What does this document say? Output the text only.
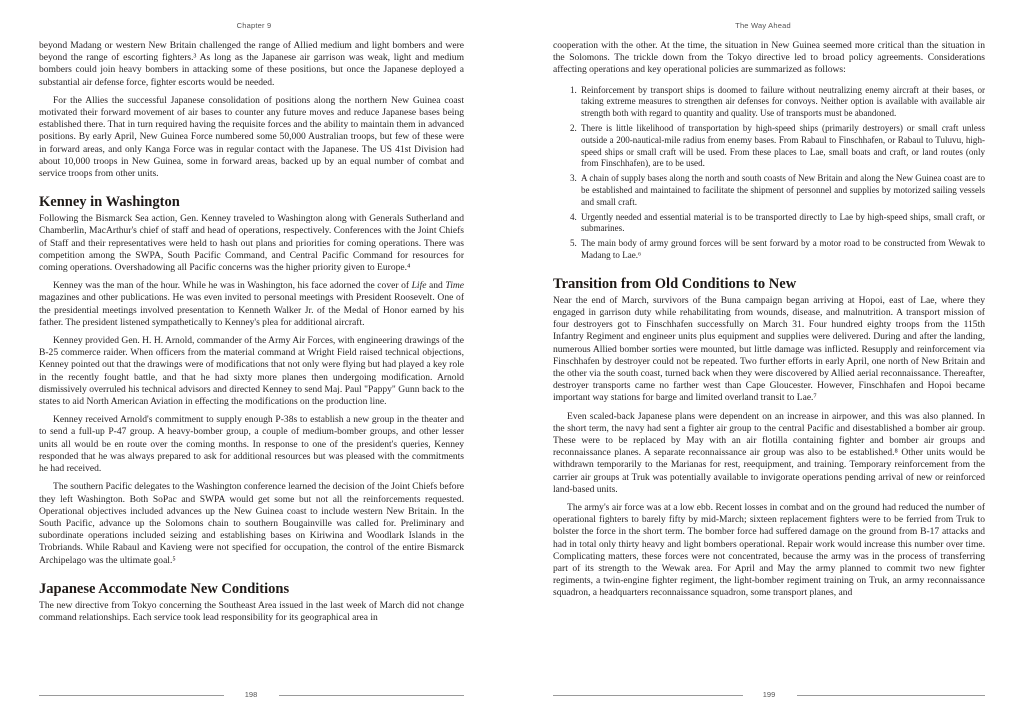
Chapter 9

beyond Madang or western New Britain challenged the range of Allied medium and light bombers and were beyond the range of escorting fighters.³ As long as the Japanese air garrison was weak, light and medium bombers could join heavy bombers in attacking some of these positions, but once the Japanese deployed a substantial air defense force, fighter escorts would be needed.

For the Allies the successful Japanese consolidation of positions along the northern New Guinea coast motivated their forward movement of air bases to counter any future moves and reduce Japanese bases being established there. That in turn required having the requisite forces and the ability to maintain them in advanced positions. By early April, New Guinea Force numbered some 50,000 Australian troops, but few of these were in forward areas, and only Kanga Force was in regular contact with the Japanese. The US 41st Division had about 10,000 troops in New Guinea, some in forward areas, backed up by an equal number of combat and service troops from other units.

Kenney in Washington

Following the Bismarck Sea action, Gen. Kenney traveled to Washington along with Generals Sutherland and Chamberlin, MacArthur's chief of staff and head of operations, respectively. Conferences with the Joint Chiefs of Staff and their representatives were held to hash out plans and priorities for coming operations. There was competition among the SWPA, South Pacific Command, and Central Pacific Command for resources for coming operations. Overshadowing all Pacific concerns was the higher priority given to Europe.⁴

Kenney was the man of the hour. While he was in Washington, his face adorned the cover of Life and Time magazines and other publications. He was even invited to personal meetings with President Roosevelt. One of the presidential meetings involved presentation to Kenneth Walker Jr. of the Medal of Honor earned by his father. The president listened sympathetically to Kenney's plea for additional aircraft.

Kenney provided Gen. H. H. Arnold, commander of the Army Air Forces, with engineering drawings of the B-25 commerce raider. When officers from the material command at Wright Field raised technical objections, Kenney pointed out that the drawings were of modifications that not only were flying but had played a key role in the recently fought battle, and that he had sixty more planes then undergoing modification. Arnold dismissively overruled his technical advisors and directed Kenney to send Maj. Paul "Pappy" Gunn back to the states to aid North American Aviation in effecting the modifications on the production line.

Kenney received Arnold's commitment to supply enough P-38s to establish a new group in the theater and to send a full-up P-47 group. A heavy-bomber group, a couple of medium-bomber groups, and other lesser units all would be en route over the coming months. In response to one of the president's queries, Kenney responded that he was always prepared to ask for additional resources but was pleased with the commitments he had received.

The southern Pacific delegates to the Washington conference learned the decision of the Joint Chiefs before they left Washington. Both SoPac and SWPA would get some but not all the reinforcements requested. Operational objectives included advances up the New Guinea coast to include western New Britain. In the South Pacific, advance up the Solomons chain to southern Bougainville was called for. Preliminary and subordinate operations included seizing and establishing bases on Kiriwina and Woodlark Islands in the Trobriands. While Rabaul and Kavieng were not specified for occupation, the control of the entire Bismarck Archipelago was the ultimate goal.⁵

Japanese Accommodate New Conditions

The new directive from Tokyo concerning the Southeast Area issued in the last week of March did not change command relationships. Each service took lead responsibility for its geographical area in

198
The Way Ahead

cooperation with the other. At the time, the situation in New Guinea seemed more critical than the situation in the Solomons. The trickle down from the Tokyo directive led to broad policy agreements. Considerations affecting operations and key operational policies are summarized as follows:

1. Reinforcement by transport ships is doomed to failure without neutralizing enemy aircraft at their bases, or taking extreme measures to strengthen air defenses for convoys. Neither option is available with available air strength both with regard to quantity and quality. Use of transports must be abandoned.
2. There is little likelihood of transportation by high-speed ships (primarily destroyers) or small craft unless outside a 200-nautical-mile radius from enemy bases. From Rabaul to Finschhafen, or Rabaul to Tuluvu, high-speed ships or small craft will be used. From these places to Lae, small boats and craft, or land routes (only from Finschhafen), are to be used.
3. A chain of supply bases along the north and south coasts of New Britain and along the New Guinea coast are to be established and maintained to facilitate the shipment of personnel and supplies by motorized sailing vessels and small craft.
4. Urgently needed and essential material is to be transported directly to Lae by high-speed ships, small craft, or submarines.
5. The main body of army ground forces will be sent forward by a motor road to be constructed from Wewak to Madang to Lae.⁶
Transition from Old Conditions to New

Near the end of March, survivors of the Buna campaign began arriving at Hopoi, east of Lae, where they engaged in garrison duty while rehabilitating from wounds, disease, and malnutrition. A transport mission of four destroyers got to Finschhafen successfully on March 31. Four hundred eighty troops from the 115th Infantry Regiment and engineer units plus equipment and supplies were delivered. During and after the landing, numerous Allied bomber sorties were mounted, but little damage was inflicted. Resupply and reinforcement via Finschhafen by destroyer could not be repeated. Two further efforts in early April, one north of New Britain and the other via the south coast, turned back when they were discovered by Allied aerial reconnaissance. Thereafter, destroyer transports came no farther west than Cape Gloucester. However, Finschhafen and Hopoi became important way stations for barge and limited overland transit to Lae.⁷

Even scaled-back Japanese plans were dependent on an increase in airpower, and this was also planned. In the short term, the navy had sent a fighter air group to the central Pacific and disestablished a bomber air group. These were to be replaced by May with an air flotilla containing fighter and bomber air groups and reconnaissance planes. A separate reconnaissance air group was also to be established.⁸ Other units would be withdrawn temporarily to the Marianas for rest, reequipment, and training. Temporary reinforcement from the carrier air groups at Truk was potentially available to invigorate operations pending arrival of new or reinforced land-based units.

The army's air force was at a low ebb. Recent losses in combat and on the ground had reduced the number of operational fighters to barely fifty by mid-March; sixteen replacement fighters were to be ferried from Truk to bolster the force in the short term. The bomber force had suffered damage on the ground from B-17 attacks and had in total only thirty heavy and light bombers operational. Repair work would increase this number over time. Complicating matters, these forces were not concentrated, because the army was in the process of transferring part of its strength to the Wewak area. For April and May the army planned to commit two new fighter regiments, a twin-engine fighter regiment, the light-bomber regiment training on Truk, an army reconnaissance squadron, a headquarters reconnaissance squadron, some transport planes, and

199
